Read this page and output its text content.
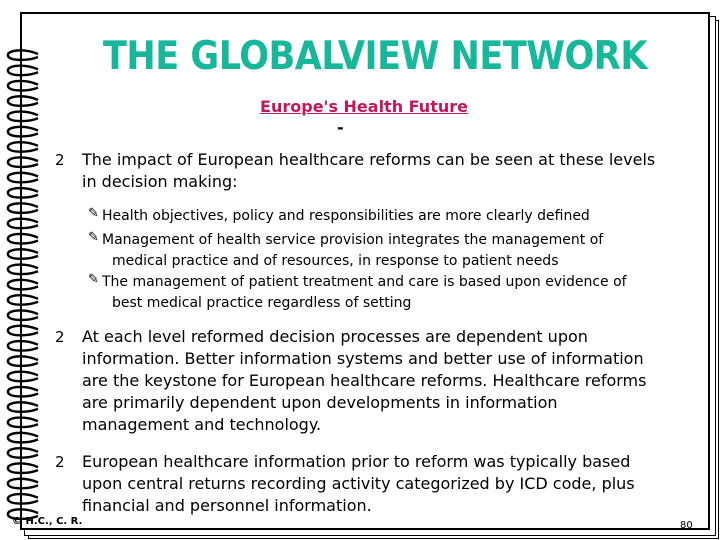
THE GLOBALVIEW NETWORK
Europe's Health Future
-
2 The impact of European healthcare reforms can be seen at these levels
in decision making:
✎ Health objectives, policy and responsibilities are more clearly defined
✎ Management of health service provision integrates the management of
medical practice and of resources, in response to patient needs
✎ The management of patient treatment and care is based upon evidence of
best medical practice regardless of setting
2 At each level reformed decision processes are dependent upon
information. Better information systems and better use of information
are the keystone for European healthcare reforms. Healthcare reforms
are primarily dependent upon developments in information
management and technology.
2 European healthcare information prior to reform was typically based
upon central returns recording activity categorized by ICD code, plus
financial and personnel information.
© H.C., C. R.	80
